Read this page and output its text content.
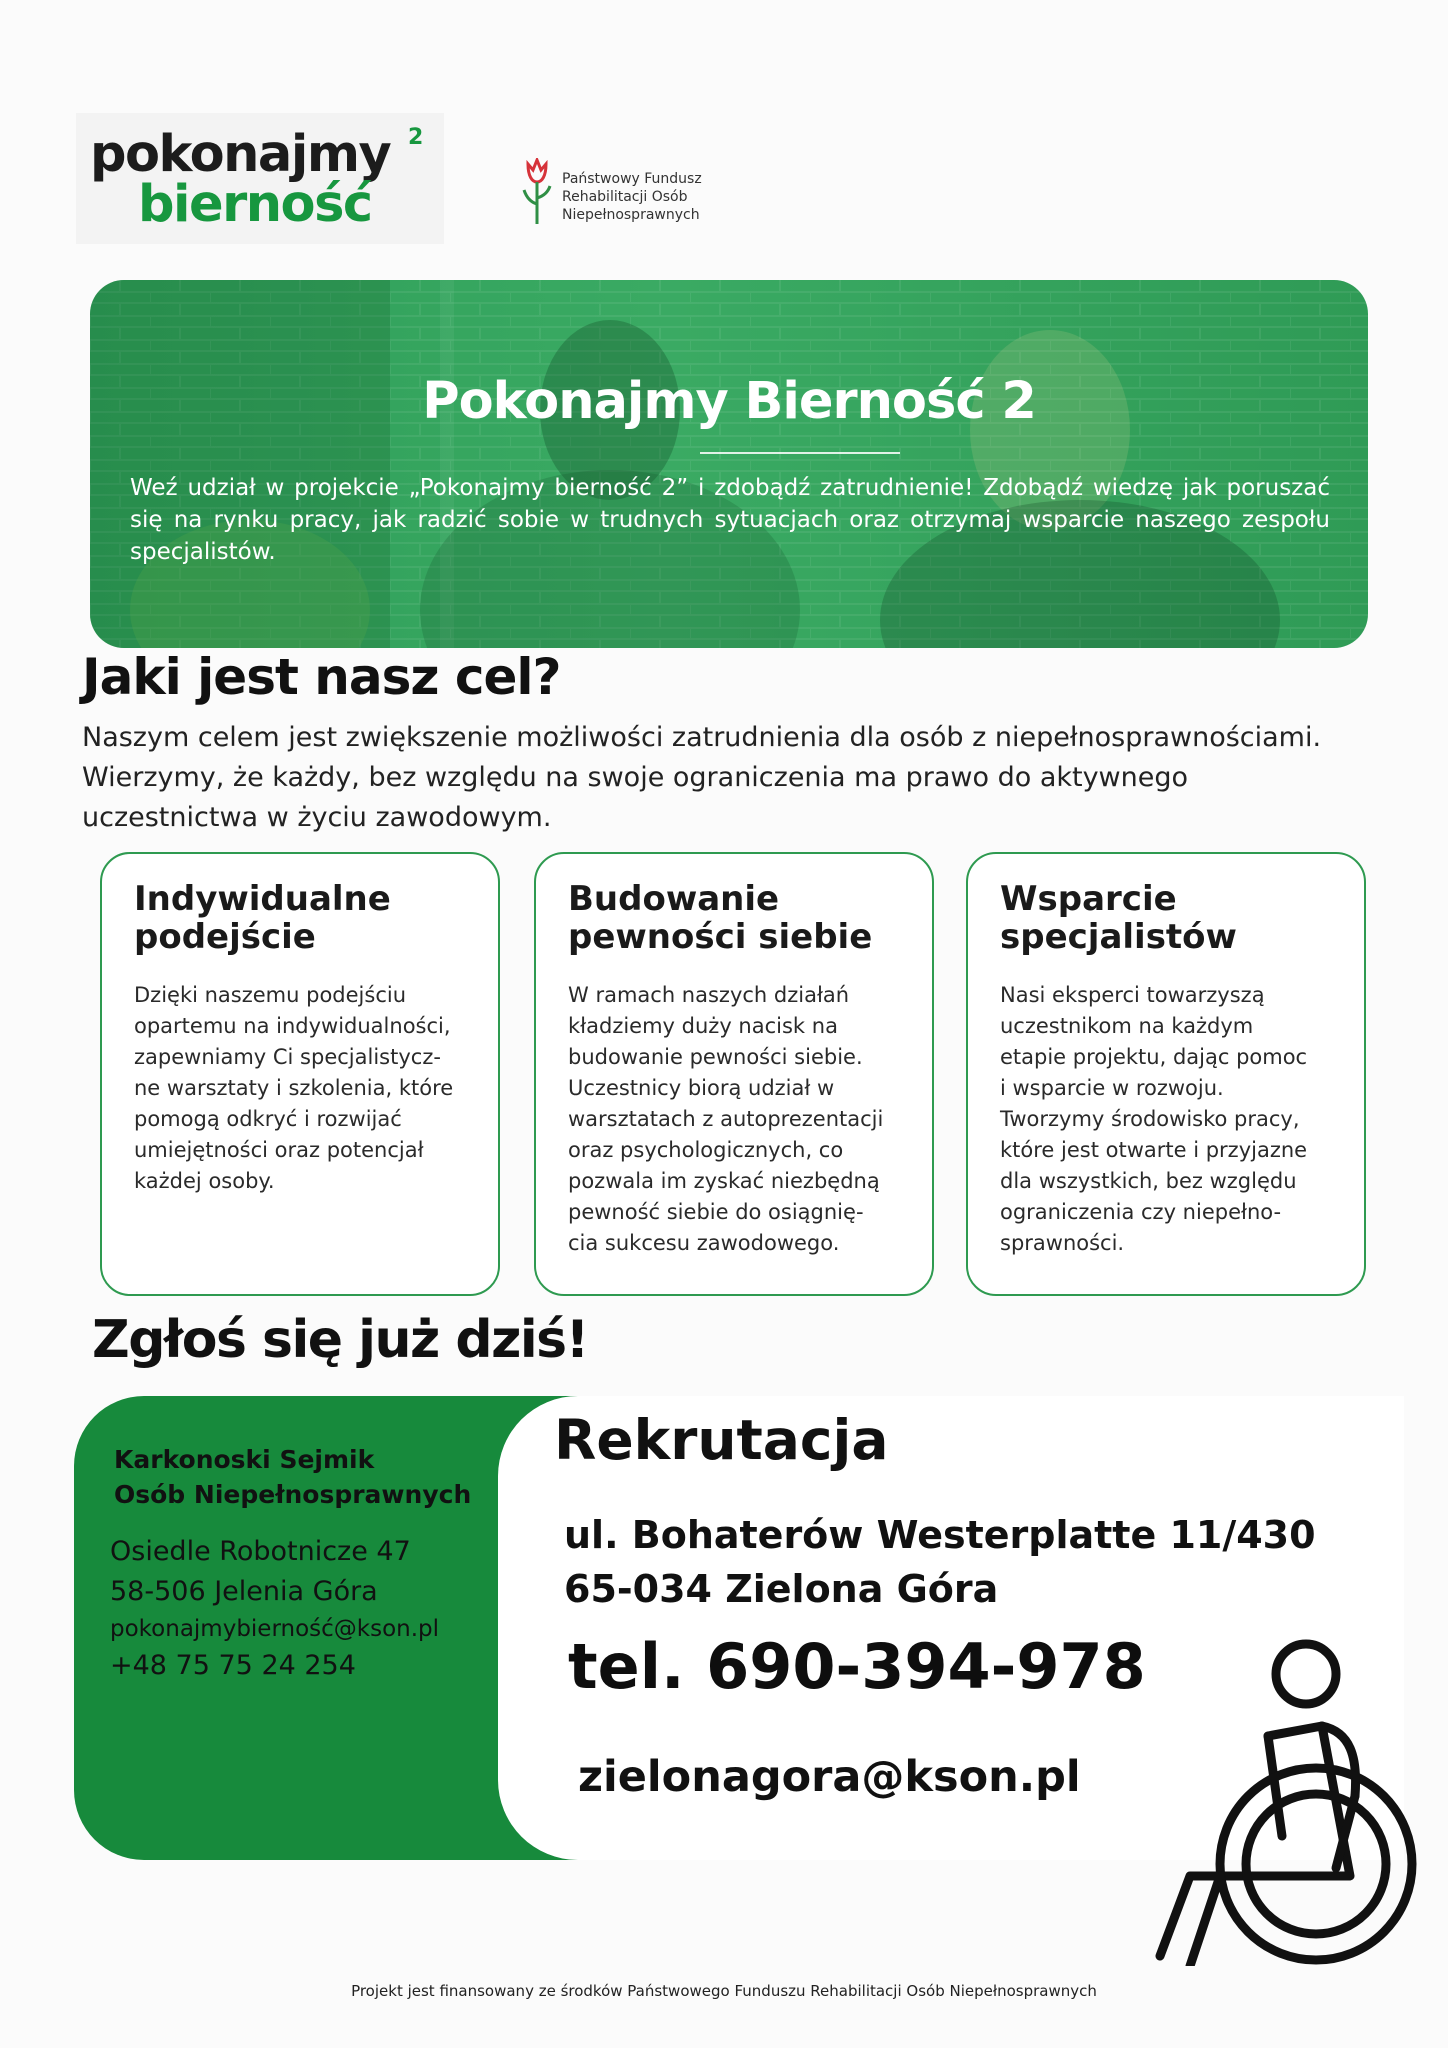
pokonajmy 2
bierność	Państwowy Fundusz
Rehabilitacji Osób
Niepełnosprawnych
Pokonajmy Bierność 2
Weź udział w projekcie „Pokonajmy bierność 2” i zdobądź zatrudnienie! Zdobądź wiedzę jak poruszać się na rynku pracy, jak radzić sobie w trudnych sytuacjach oraz otrzymaj wsparcie naszego zespołu specjalistów.
Jaki jest nasz cel?
Naszym celem jest zwiększenie możliwości zatrudnienia dla osób z niepełnosprawnościami. Wierzymy, że każdy, bez względu na swoje ograniczenia ma prawo do aktywnego uczestnictwa w życiu zawodowym.
Indywidualne
podejście
Dzięki naszemu podejściu
opartemu na indywidualności,
zapewniamy Ci specjalistycz-
ne warsztaty i szkolenia, które
pomogą odkryć i rozwijać
umiejętności oraz potencjał
każdej osoby.
Budowanie
pewności siebie
W ramach naszych działań
kładziemy duży nacisk na
budowanie pewności siebie.
Uczestnicy biorą udział w
warsztatach z autoprezentacji
oraz psychologicznych, co
pozwala im zyskać niezbędną
pewność siebie do osiągnię-
cia sukcesu zawodowego.
Wsparcie
specjalistów
Nasi eksperci towarzyszą
uczestnikom na każdym
etapie projektu, dając pomoc
i wsparcie w rozwoju.
Tworzymy środowisko pracy,
które jest otwarte i przyjazne
dla wszystkich, bez względu
ograniczenia czy niepełno-
sprawności.
Zgłoś się już dziś!
Karkonoski Sejmik
Osób Niepełnosprawnych
Osiedle Robotnicze 47
58-506 Jelenia Góra
pokonajmybierność@kson.pl
+48 75 75 24 254
Rekrutacja
ul. Bohaterów Westerplatte 11/430
65-034 Zielona Góra
tel. 690-394-978
zielonagora@kson.pl
Projekt jest finansowany ze środków Państwowego Funduszu Rehabilitacji Osób Niepełnosprawnych
